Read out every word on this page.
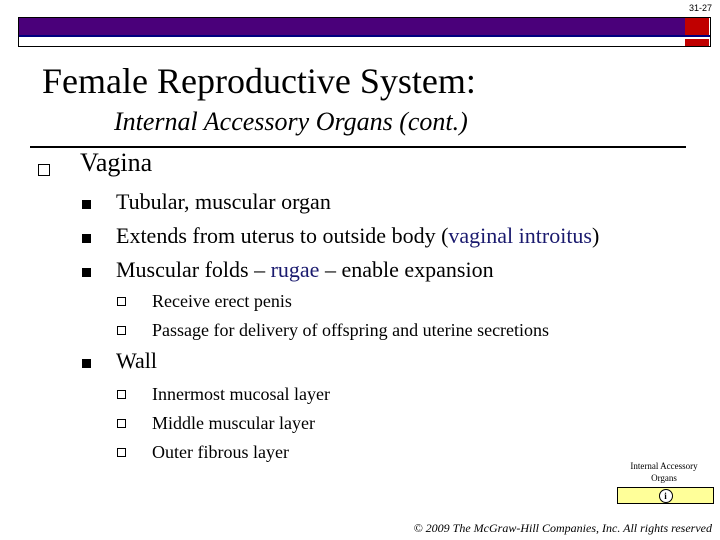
31-27
Female Reproductive System:
Internal Accessory Organs (cont.)
Vagina
Tubular, muscular organ
Extends from uterus to outside body (vaginal introitus)
Muscular folds – rugae – enable expansion
Receive erect penis
Passage for delivery of offspring and uterine secretions
Wall
Innermost mucosal layer
Middle muscular layer
Outer fibrous layer
Internal Accessory
Organs
i
© 2009 The McGraw-Hill Companies, Inc. All rights reserved
